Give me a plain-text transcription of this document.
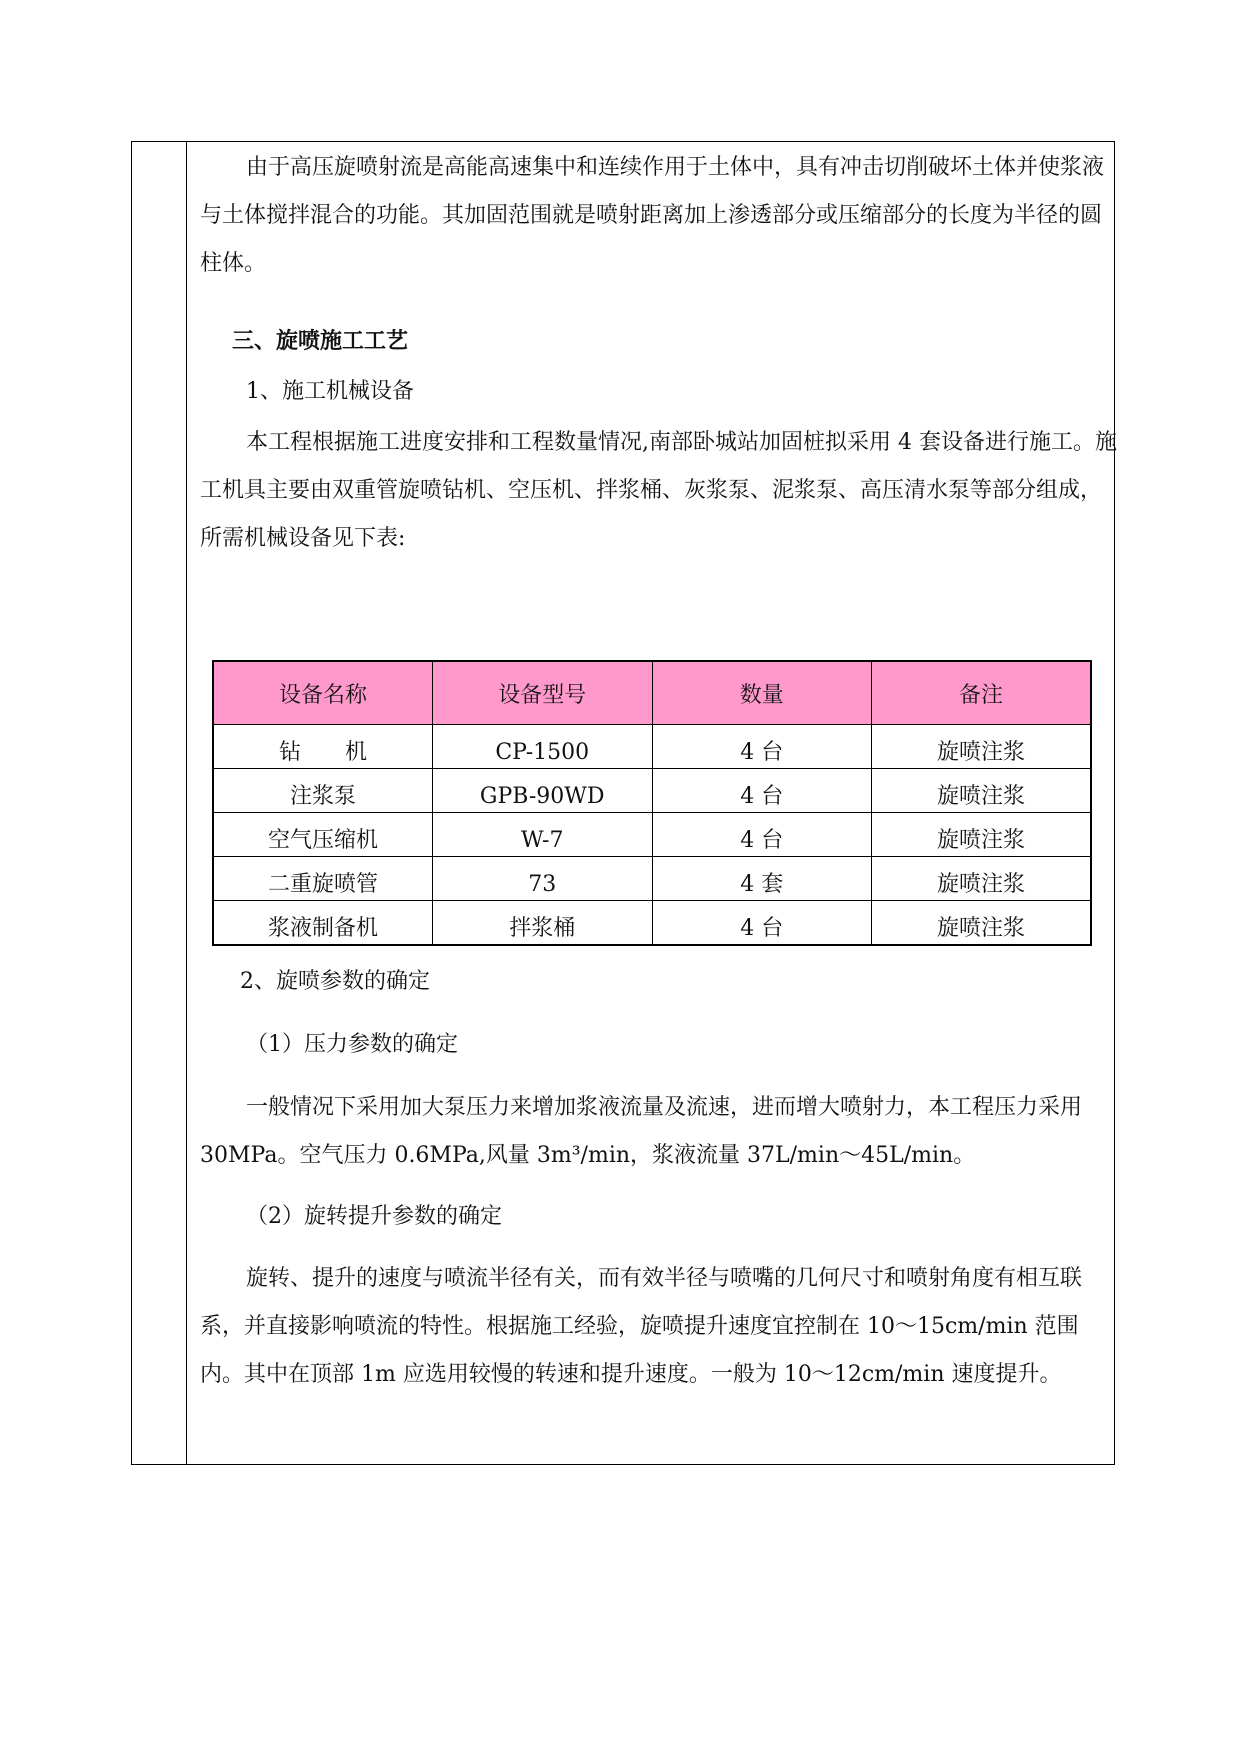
由于高压旋喷射流是高能高速集中和连续作用于土体中，具有冲击切削破坏土体并使浆液与土体搅拌混合的功能。其加固范围就是喷射距离加上渗透部分或压缩部分的长度为半径的圆柱体。

三、旋喷施工工艺
1、施工机械设备

本工程根据施工进度安排和工程数量情况,南部卧城站加固桩拟采用 4 套设备进行施工。施工机具主要由双重管旋喷钻机、空压机、拌浆桶、灰浆泵、泥浆泵、高压清水泵等部分组成，所需机械设备见下表:

设备名称	设备型号	数量	备注
钻　　机	CP-1500	4 台	旋喷注浆
注浆泵	GPB-90WD	4 台	旋喷注浆
空气压缩机	W-7	4 台	旋喷注浆
二重旋喷管	73	4 套	旋喷注浆
浆液制备机	拌浆桶	4 台	旋喷注浆
2、旋喷参数的确定
（1）压力参数的确定

一般情况下采用加大泵压力来增加浆液流量及流速，进而增大喷射力，本工程压力采用 30MPa。空气压力 0.6MPa,风量 3m³/min，浆液流量 37L/min～45L/min。

（2）旋转提升参数的确定

旋转、提升的速度与喷流半径有关，而有效半径与喷嘴的几何尺寸和喷射角度有相互联系，并直接影响喷流的特性。根据施工经验，旋喷提升速度宜控制在 10～15cm/min 范围内。其中在顶部 1m 应选用较慢的转速和提升速度。一般为 10～12cm/min 速度提升。
